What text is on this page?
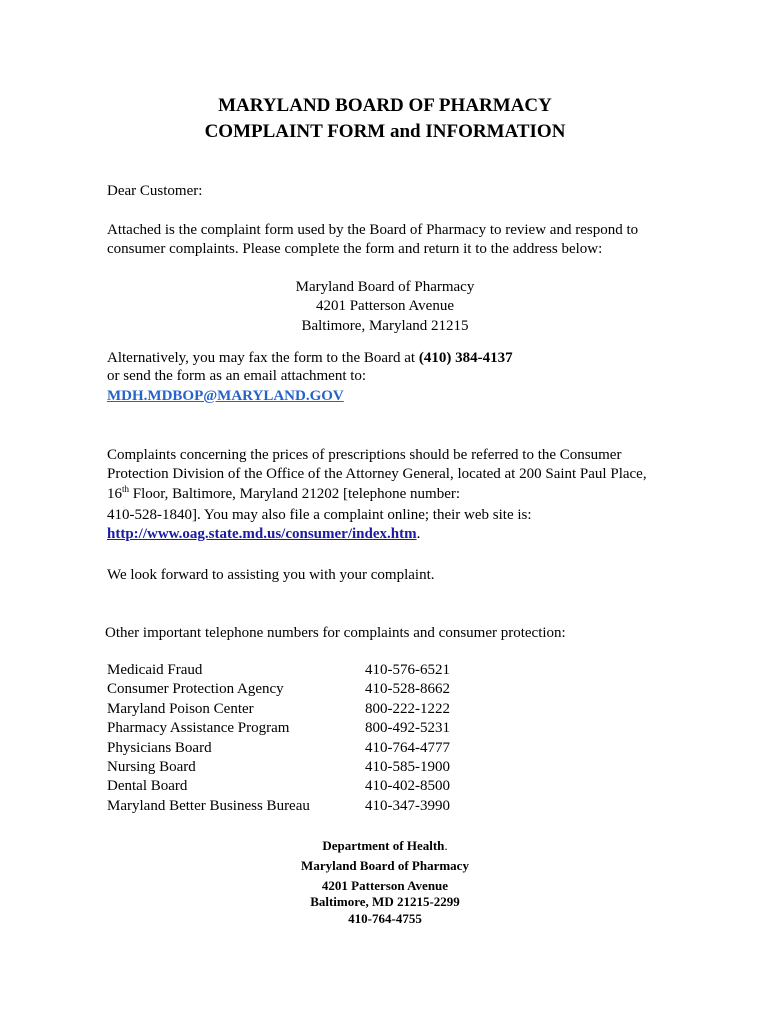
MARYLAND BOARD OF PHARMACY
COMPLAINT FORM and INFORMATION
Dear Customer:
Attached is the complaint form used by the Board of Pharmacy to review and respond to
consumer complaints. Please complete the form and return it to the address below:
Maryland Board of Pharmacy
4201 Patterson Avenue
Baltimore, Maryland 21215
Alternatively, you may fax the form to the Board at (410) 384-4137
or send the form as an email attachment to:
MDH.MDBOP@MARYLAND.GOV
Complaints concerning the prices of prescriptions should be referred to the Consumer
Protection Division of the Office of the Attorney General, located at 200 Saint Paul Place,
16th Floor, Baltimore, Maryland 21202 [telephone number:
410-528-1840]. You may also file a complaint online; their web site is:
http://www.oag.state.md.us/consumer/index.htm.
We look forward to assisting you with your complaint.
Other important telephone numbers for complaints and consumer protection:
Medicaid Fraud	410-576-6521
Consumer Protection Agency	410-528-8662
Maryland Poison Center	800-222-1222
Pharmacy Assistance Program	800-492-5231
Physicians Board	410-764-4777
Nursing Board	410-585-1900
Dental Board	410-402-8500
Maryland Better Business Bureau	410-347-3990
Department of Health.
Maryland Board of Pharmacy
4201 Patterson Avenue
Baltimore, MD 21215-2299
410-764-4755
